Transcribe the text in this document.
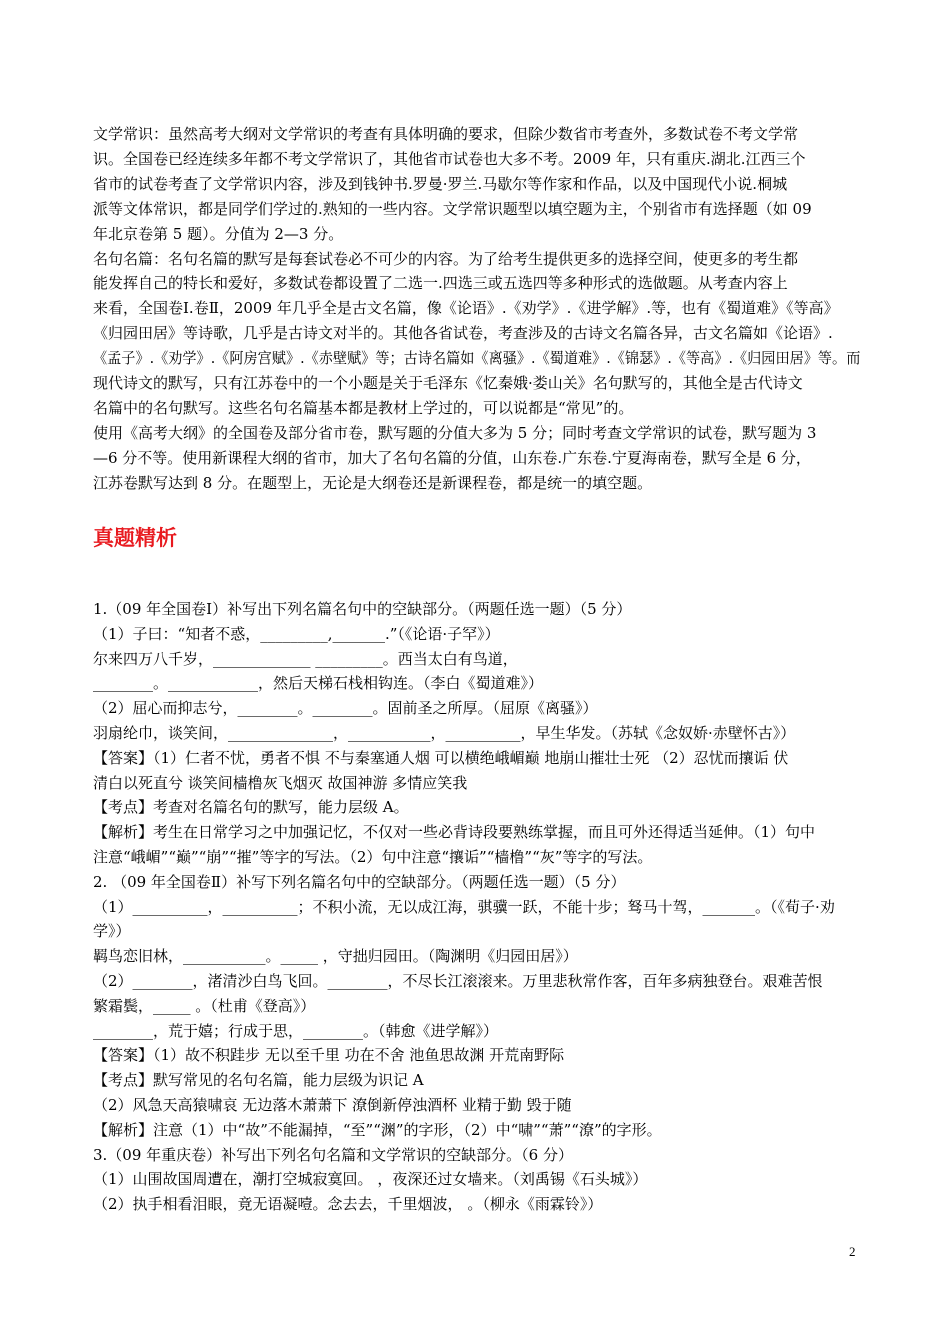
文学常识：虽然高考大纲对文学常识的考查有具体明确的要求，但除少数省市考查外，多数试卷不考文学常
识。全国卷已经连续多年都不考文学常识了，其他省市试卷也大多不考。2009 年，只有重庆.湖北.江西三个
省市的试卷考查了文学常识内容，涉及到钱钟书.罗曼·罗兰.马歇尔等作家和作品，以及中国现代小说.桐城
派等文体常识，都是同学们学过的.熟知的一些内容。文学常识题型以填空题为主，个别省市有选择题（如 09
年北京卷第 5 题）。分值为 2—3 分。
名句名篇：名句名篇的默写是每套试卷必不可少的内容。为了给考生提供更多的选择空间，使更多的考生都
能发挥自己的特长和爱好，多数试卷都设置了二选一.四选三或五选四等多种形式的选做题。从考查内容上
来看，全国卷Ⅰ.卷Ⅱ，2009 年几乎全是古文名篇，像《论语》.《劝学》.《进学解》.等，也有《蜀道难》《等高》
《归园田居》等诗歌，几乎是古诗文对半的。其他各省试卷，考查涉及的古诗文名篇各异，古文名篇如《论语》.
《孟子》.《劝学》.《阿房宫赋》.《赤壁赋》等；古诗名篇如《离骚》.《蜀道难》.《锦瑟》.《等高》.《归园田居》等。而
现代诗文的默写，只有江苏卷中的一个小题是关于毛泽东《忆秦娥·娄山关》名句默写的，其他全是古代诗文
名篇中的名句默写。这些名句名篇基本都是教材上学过的，可以说都是“常见”的。
使用《高考大纲》的全国卷及部分省市卷，默写题的分值大多为 5 分；同时考查文学常识的试卷，默写题为 3
—6 分不等。使用新课程大纲的省市，加大了名句名篇的分值，山东卷.广东卷.宁夏海南卷，默写全是 6 分，
江苏卷默写达到 8 分。在题型上，无论是大纲卷还是新课程卷，都是统一的填空题。
真题精析
1.（09 年全国卷Ⅰ）补写出下列名篇名句中的空缺部分。（两题任选一题）（5 分）
（1）子曰：“知者不惑，_________,_______.”（《论语·子罕》）
尔来四万八千岁，_____________ _________。西当太白有鸟道，
________。____________，然后天梯石栈相钩连。（李白《蜀道难》）
（2）屈心而抑志兮，________。________。固前圣之所厚。（屈原《离骚》）
羽扇纶巾，谈笑间，______________，___________，__________，早生华发。（苏轼《念奴娇·赤壁怀古》）
【答案】（1）仁者不忧，勇者不惧 不与秦塞通人烟 可以横绝峨嵋巅 地崩山摧壮士死 （2）忍忧而攘诟 伏
清白以死直兮 谈笑间樯橹灰飞烟灭 故国神游 多情应笑我
【考点】考查对名篇名句的默写，能力层级 A。
【解析】考生在日常学习之中加强记忆，不仅对一些必背诗段要熟练掌握，而且可外还得适当延伸。（1）句中
注意“峨嵋”“巅”“崩”“摧”等字的写法。（2）句中注意“攘诟”“樯橹”“灰”等字的写法。
2. （09 年全国卷Ⅱ）补写下列名篇名句中的空缺部分。（两题任选一题）（5 分）
（1）__________，__________；不积小流，无以成江海，骐骥一跃，不能十步；驽马十驾，_______。（《荀子·劝
学》）
羁鸟恋旧林，___________。_____ ，守拙归园田。（陶渊明《归园田居》）
（2）________，渚清沙白鸟飞回。________，不尽长江滚滚来。万里悲秋常作客，百年多病独登台。艰难苦恨
繁霜鬓，_____ 。（杜甫《登高》）
________，荒于嬉；行成于思，________。（韩愈《进学解》）
【答案】（1）故不积跬步 无以至千里 功在不舍 池鱼思故渊 开荒南野际
【考点】默写常见的名句名篇，能力层级为识记 A
（2）风急天高猿啸哀 无边落木萧萧下 潦倒新停浊酒杯 业精于勤 毁于随
【解析】注意（1）中“故”不能漏掉，“至”“渊”的字形，（2）中“啸”“萧”“潦”的字形。
3.（09 年重庆卷）补写出下列名句名篇和文学常识的空缺部分。（6 分）
（1）山围故国周遭在，潮打空城寂寞回。 ，夜深还过女墙来。（刘禹锡《石头城》）
（2）执手相看泪眼，竟无语凝噎。念去去，千里烟波， 。（柳永《雨霖铃》）
2
